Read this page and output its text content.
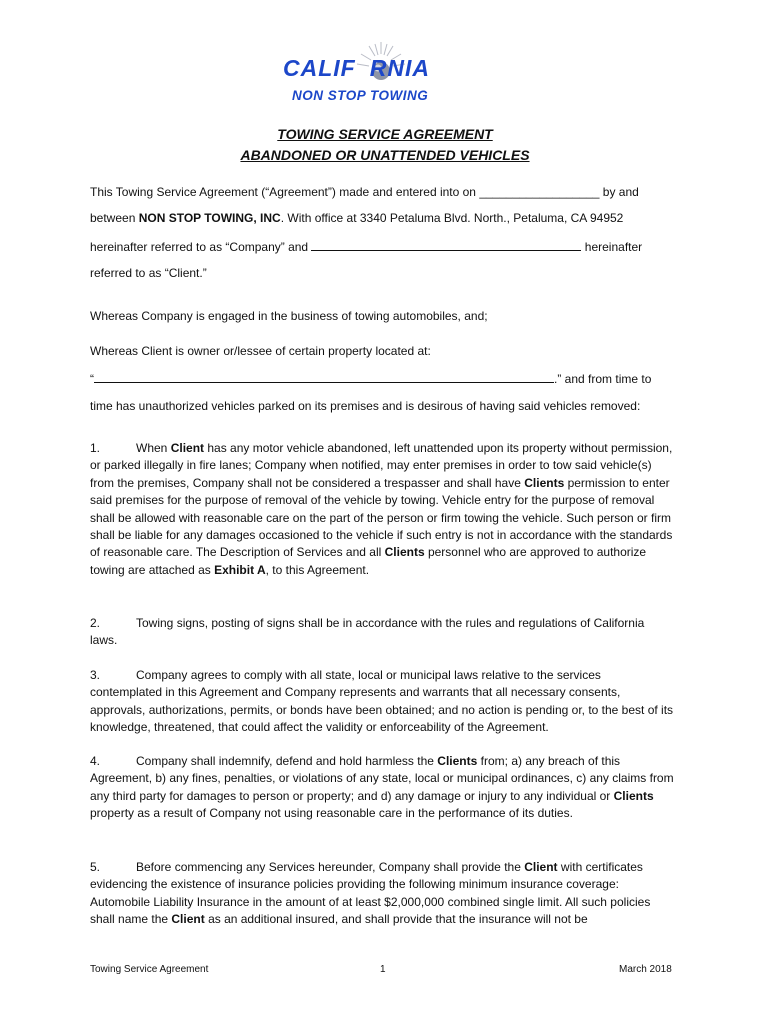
CALIF RNIA
NON STOP TOWING
TOWING SERVICE AGREEMENT
ABANDONED OR UNATTENDED VEHICLES
This Towing Service Agreement (“Agreement”) made and entered into on __________________ by and
between NON STOP TOWING, INC. With office at 3340 Petaluma Blvd. North., Petaluma, CA 94952
hereinafter referred to as “Company” and	hereinafter
referred to as “Client.”
Whereas Company is engaged in the business of towing automobiles, and;
Whereas Client is owner or/lessee of certain property located at:
“	.” and from time to
time has unauthorized vehicles parked on its premises and is desirous of having said vehicles removed:
1.	When Client has any motor vehicle abandoned, left unattended upon its property without permission, or parked illegally in fire lanes; Company when notified, may enter premises in order to tow said vehicle(s) from the premises, Company shall not be considered a trespasser and shall have Clients permission to enter said premises for the purpose of removal of the vehicle by towing. Vehicle entry for the purpose of removal shall be allowed with reasonable care on the part of the person or firm towing the vehicle. Such person or firm shall be liable for any damages occasioned to the vehicle if such entry is not in accordance with the standards of reasonable care. The Description of Services and all Clients personnel who are approved to authorize towing are attached as Exhibit A, to this Agreement.
2.	Towing signs, posting of signs shall be in accordance with the rules and regulations of California laws.
3.	Company agrees to comply with all state, local or municipal laws relative to the services contemplated in this Agreement and Company represents and warrants that all necessary consents, approvals, authorizations, permits, or bonds have been obtained; and no action is pending or, to the best of its knowledge, threatened, that could affect the validity or enforceability of the Agreement.
4.	Company shall indemnify, defend and hold harmless the Clients from; a) any breach of this Agreement, b) any fines, penalties, or violations of any state, local or municipal ordinances, c) any claims from any third party for damages to person or property; and d) any damage or injury to any individual or Clients property as a result of Company not using reasonable care in the performance of its duties.
5.	Before commencing any Services hereunder, Company shall provide the Client with certificates evidencing the existence of insurance policies providing the following minimum insurance coverage: Automobile Liability Insurance in the amount of at least $2,000,000 combined single limit. All such policies shall name the Client as an additional insured, and shall provide that the insurance will not be
Towing Service Agreement	1	March 2018
